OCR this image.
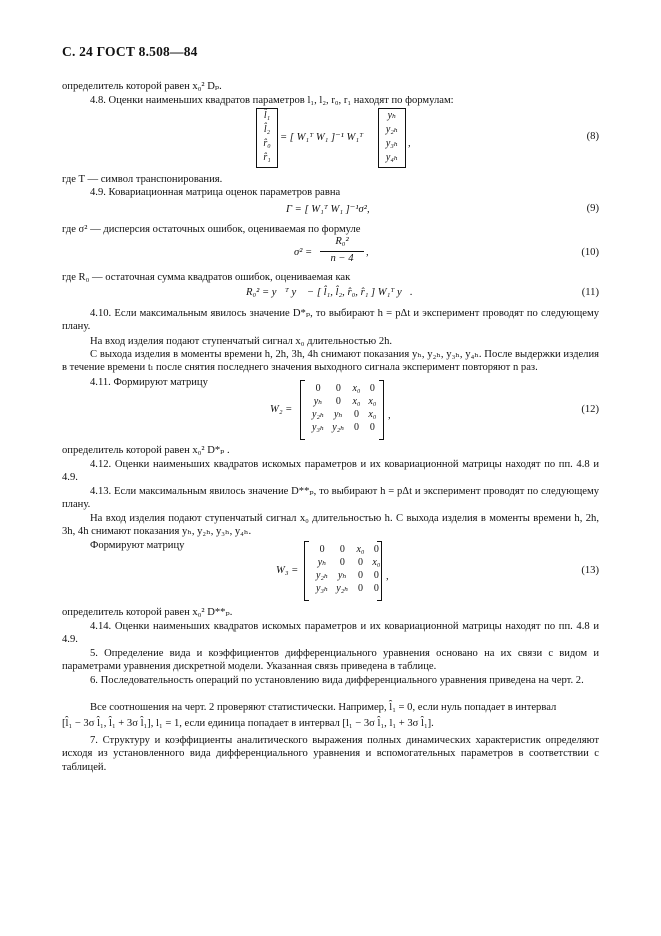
С. 24 ГОСТ 8.508—84
определитель которой равен x₀² Dₚ.
4.8. Оценки наименьших квадратов параметров l₁, l₂, r₀, r₁ находят по формулам:
l̂₁
l̂₂
r̂₀
r̂₁
= [ W₁ᵀ W₁ ]⁻¹ W₁ᵀ
yₕ
y₂ₕ
y₃ₕ
y₄ₕ
,
(8)
где T — символ транспонирования.
4.9. Ковариационная матрица оценок параметров равна
Γ = [ W₁ᵀ W₁ ]⁻¹σ²,	(9)
где σ² — дисперсия остаточных ошибок, оцениваемая по формуле
σ² =
R₀²
n − 4
,	(10)
где R₀ — остаточная сумма квадратов ошибок, оцениваемая как
R₀² = y⃗ᵀ y⃗ − [ l̂₁, l̂₂, r̂₀, r̂₁ ] W₁ᵀ y⃗.	(11)
4.10. Если максимальным явилось значение D*ₚ, то выбирают h = pΔt и эксперимент проводят по следующему плану.
На вход изделия подают ступенчатый сигнал x₀ длительностью 2h.
С выхода изделия в моменты времени h, 2h, 3h, 4h снимают показания yₕ, y₂ₕ, y₃ₕ, y₄ₕ. После выдержки изделия в течение времени tₗ после снятия последнего значения выходного сигнала эксперимент повторяют n раз.
4.11. Формируют матрицу
W₂ =
0	0	x₀	0
yₕ	0	x₀	x₀
y₂ₕ	yₕ	0	x₀
y₃ₕ	y₂ₕ	0	0
,
(12)
определитель которой равен x₀² D*ₚ .
4.12. Оценки наименьших квадратов искомых параметров и их ковариационной матрицы находят по пп. 4.8 и 4.9.
4.13. Если максимальным явилось значение D**ₚ, то выбирают h = pΔt и эксперимент проводят по следующему плану.
На вход изделия подают ступенчатый сигнал x₀ длительностью h. С выхода изделия в моменты времени h, 2h, 3h, 4h снимают показания yₕ, y₂ₕ, y₃ₕ, y₄ₕ.
Формируют матрицу
W₃ =
0	0	x₀	0
yₕ	0	0	x₀
y₂ₕ	yₕ	0	0
y₃ₕ	y₂ₕ	0	0
,
(13)
определитель которой равен x₀² D**ₚ.
4.14. Оценки наименьших квадратов искомых параметров и их ковариационной матрицы находят по пп. 4.8 и 4.9.
5. Определение вида и коэффициентов дифференциального уравнения основано на их связи с видом и параметрами уравнения дискретной модели. Указанная связь приведена в таблице.
6. Последовательность операций по установлению вида дифференциального уравнения приведена на черт. 2.
Все соотношения на черт. 2 проверяют статистически. Например, l̂₁ = 0, если нуль попадает в интервал
[l̂₁ − 3σ l̂₁, l̂₁ + 3σ l̂₁], l₁ = 1, если единица попадает в интервал [l₁ − 3σ l̂₁, l₁ + 3σ l̂₁].
7. Структуру и коэффициенты аналитического выражения полных динамических характеристик определяют исходя из установленного вида дифференциального уравнения и вспомогательных параметров в соответствии с таблицей.
